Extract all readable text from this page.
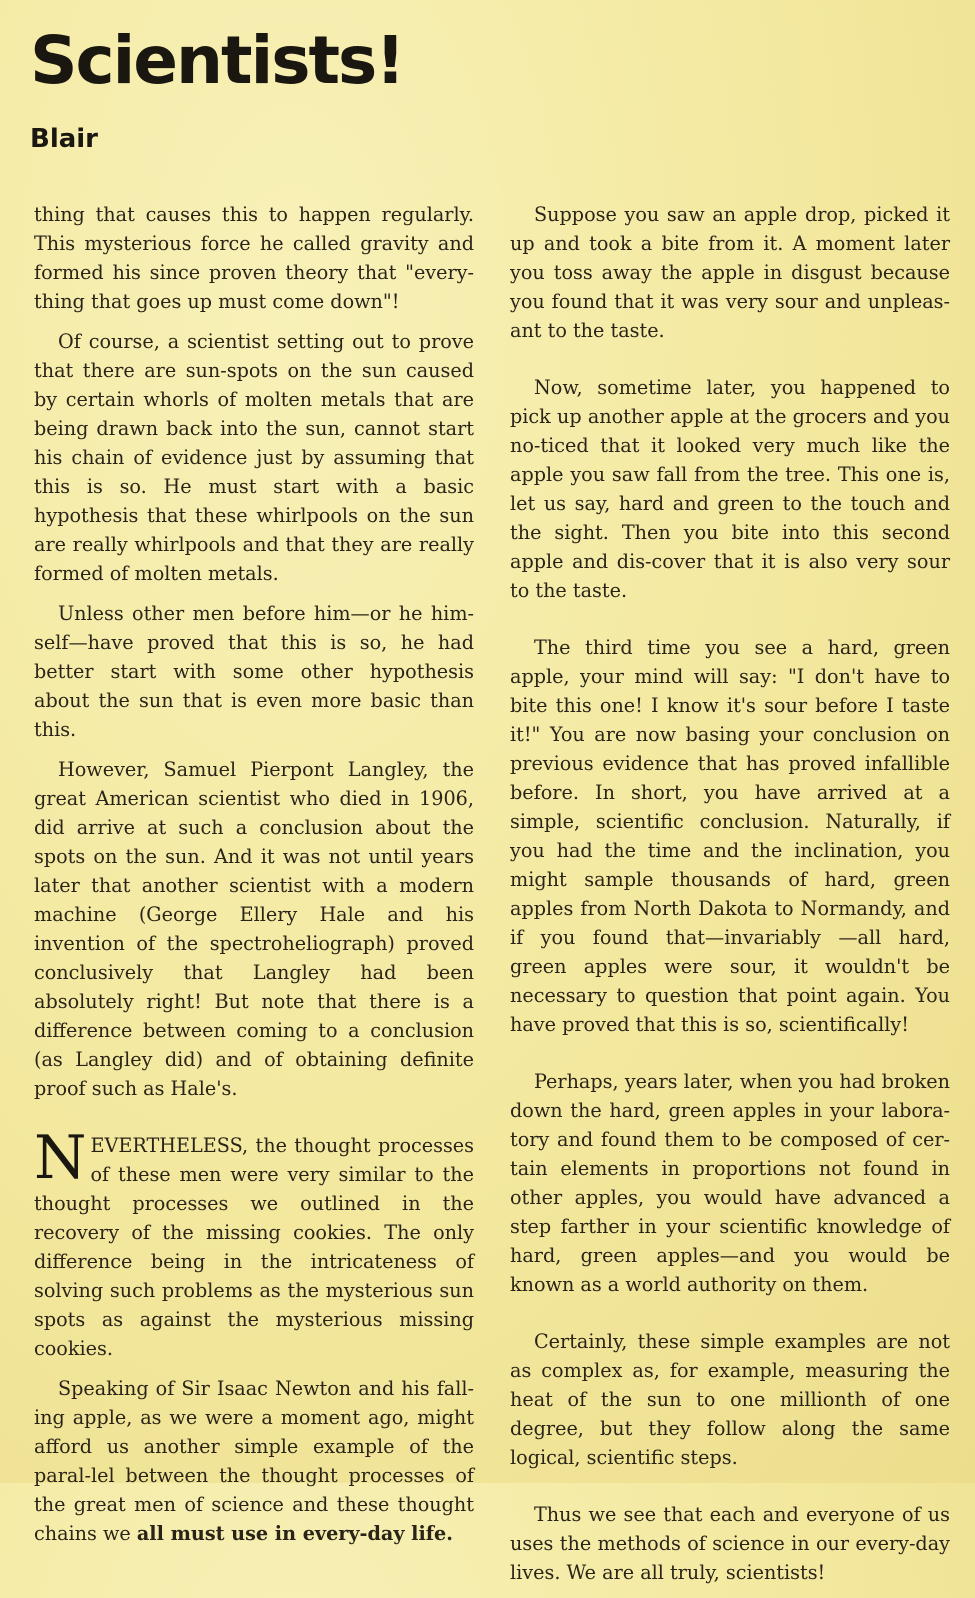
Scientists!
Blair

thing that causes this to happen regularly. This mysterious force he called gravity and formed his since proven theory that "every-thing that goes up must come down"!

Of course, a scientist setting out to prove that there are sun-spots on the sun caused by certain whorls of molten metals that are being drawn back into the sun, cannot start his chain of evidence just by assuming that this is so. He must start with a basic hypothesis that these whirlpools on the sun are really whirlpools and that they are really formed of molten metals.

Unless other men before him—or he him-self—have proved that this is so, he had better start with some other hypothesis about the sun that is even more basic than this.

However, Samuel Pierpont Langley, the great American scientist who died in 1906, did arrive at such a conclusion about the spots on the sun. And it was not until years later that another scientist with a modern machine (George Ellery Hale and his invention of the spectroheliograph) proved conclusively that Langley had been absolutely right! But note that there is a difference between coming to a conclusion (as Langley did) and of obtaining definite proof such as Hale's.

NEVERTHELESS, the thought processes of these men were very similar to the thought processes we outlined in the recovery of the missing cookies. The only difference being in the intricateness of solving such problems as the mysterious sun spots as against the mysterious missing cookies.

Speaking of Sir Isaac Newton and his fall-ing apple, as we were a moment ago, might afford us another simple example of the paral-lel between the thought processes of the great men of science and these thought chains we all must use in every-day life.

Suppose you saw an apple drop, picked it up and took a bite from it. A moment later you toss away the apple in disgust because you found that it was very sour and unpleas-ant to the taste.

Now, sometime later, you happened to pick up another apple at the grocers and you no-ticed that it looked very much like the apple you saw fall from the tree. This one is, let us say, hard and green to the touch and the sight. Then you bite into this second apple and dis-cover that it is also very sour to the taste.

The third time you see a hard, green apple, your mind will say: "I don't have to bite this one! I know it's sour before I taste it!" You are now basing your conclusion on previous evidence that has proved infallible before. In short, you have arrived at a simple, scientific conclusion. Naturally, if you had the time and the inclination, you might sample thousands of hard, green apples from North Dakota to Normandy, and if you found that—invariably —all hard, green apples were sour, it wouldn't be necessary to question that point again. You have proved that this is so, scientifically!

Perhaps, years later, when you had broken down the hard, green apples in your labora-tory and found them to be composed of cer-tain elements in proportions not found in other apples, you would have advanced a step farther in your scientific knowledge of hard, green apples—and you would be known as a world authority on them.

Certainly, these simple examples are not as complex as, for example, measuring the heat of the sun to one millionth of one degree, but they follow along the same logical, scientific steps.

Thus we see that each and everyone of us uses the methods of science in our every-day lives. We are all truly, scientists!
